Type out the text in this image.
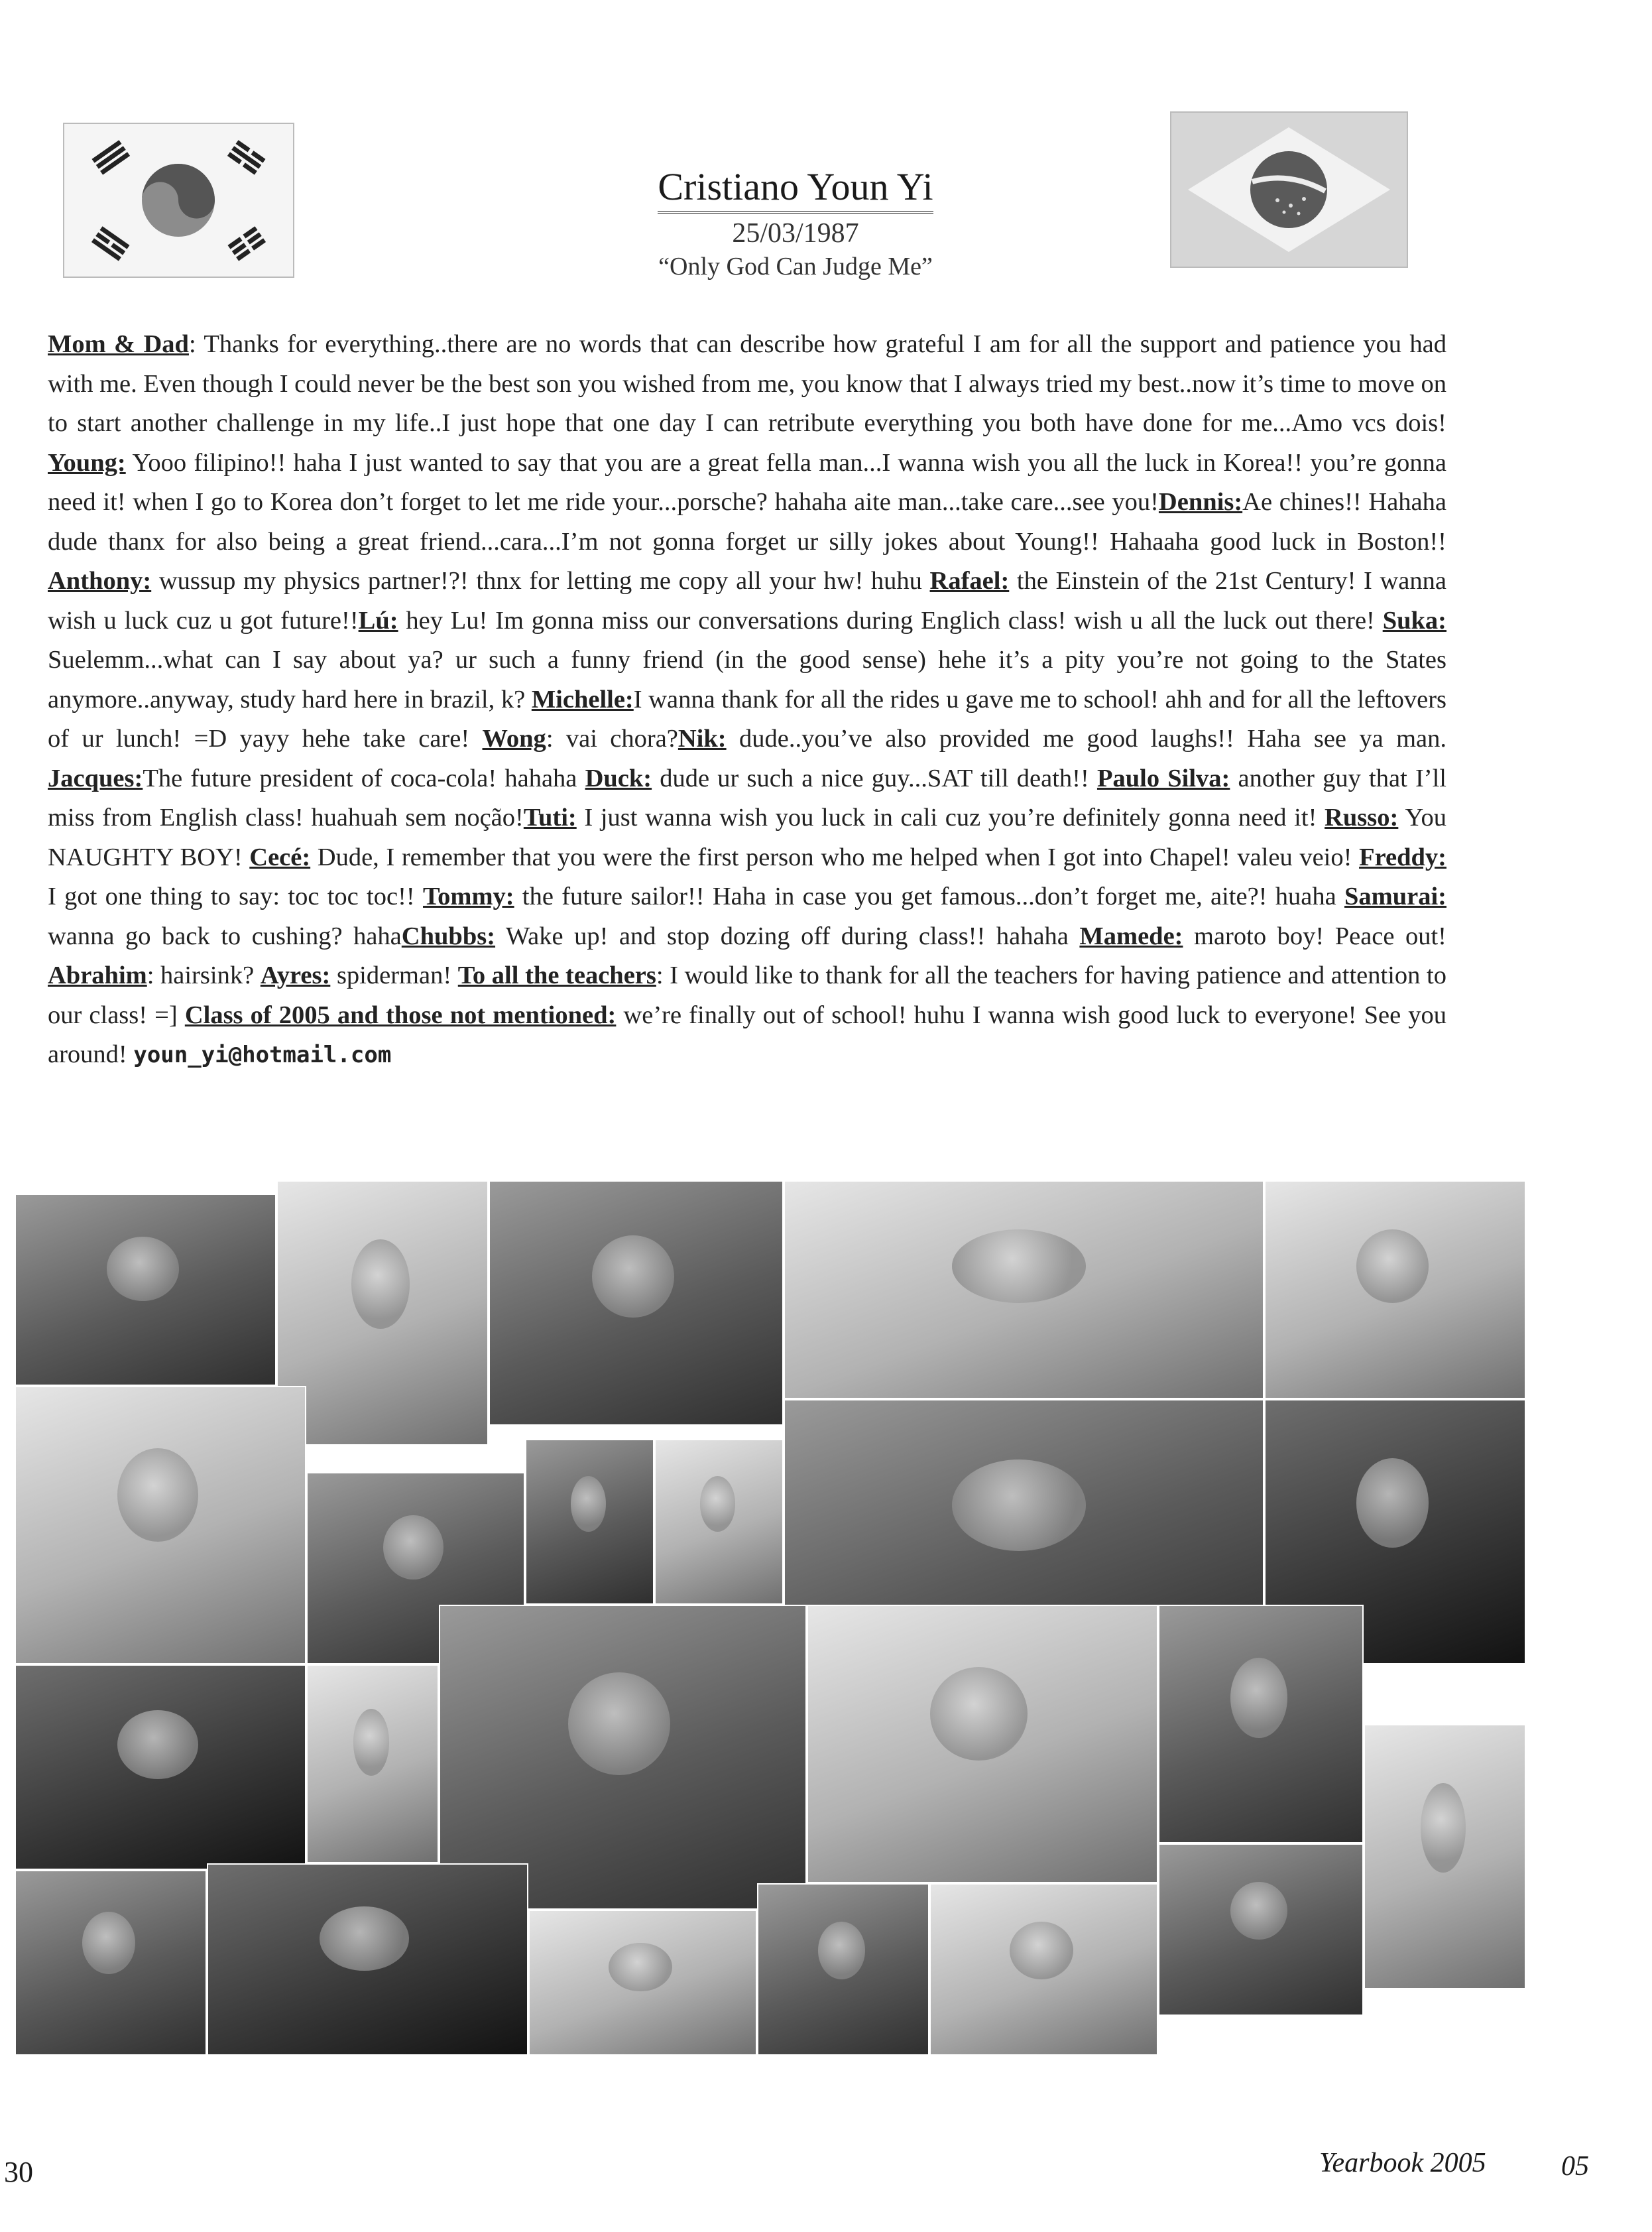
Cristiano Youn Yi
25/03/1987
“Only God Can Judge Me”
Mom & Dad: Thanks for everything..there are no words that can describe how grateful I am for all the support and patience you had with me. Even though I could never be the best son you wished from me, you know that I always tried my best..now it’s time to move on to start another challenge in my life..I just hope that one day I can retribute everything you both have done for me...Amo vcs dois! Young: Yooo filipino!! haha I just wanted to say that you are a great fella man...I wanna wish you all the luck in Korea!! you’re gonna need it! when I go to Korea don’t forget to let me ride your...porsche? hahaha aite man...take care...see you!Dennis:Ae chines!! Hahaha dude thanx for also being a great friend...cara...I’m not gonna forget ur silly jokes about Young!! Hahaaha good luck in Boston!! Anthony: wussup my physics partner!?! thnx for letting me copy all your hw! huhu Rafael: the Einstein of the 21st Century! I wanna wish u luck cuz u got future!!Lú: hey Lu! Im gonna miss our conversations during Englich class! wish u all the luck out there! Suka: Suelemm...what can I say about ya? ur such a funny friend (in the good sense) hehe it’s a pity you’re not going to the States anymore..anyway, study hard here in brazil, k? Michelle:I wanna thank for all the rides u gave me to school! ahh and for all the leftovers of ur lunch! =D yayy hehe take care! Wong: vai chora?Nik: dude..you’ve also provided me good laughs!! Haha see ya man. Jacques:The future president of coca-cola! hahaha Duck: dude ur such a nice guy...SAT till death!! Paulo Silva: another guy that I’ll miss from English class! huahuah sem noção!Tuti: I just wanna wish you luck in cali cuz you’re definitely gonna need it! Russo: You NAUGHTY BOY! Cecé: Dude, I remember that you were the first person who me helped when I got into Chapel! valeu veio! Freddy: I got one thing to say: toc toc toc!! Tommy: the future sailor!! Haha in case you get famous...don’t forget me, aite?! huaha Samurai: wanna go back to cushing? hahaChubbs: Wake up! and stop dozing off during class!! hahaha Mamede: maroto boy! Peace out! Abrahim: hairsink? Ayres: spiderman! To all the teachers: I would like to thank for all the teachers for having patience and attention to our class! =] Class of 2005 and those not mentioned: we’re finally out of school! huhu I wanna wish good luck to everyone! See you around! youn_yi@hotmail.com
30	Yearbook 2005	05
